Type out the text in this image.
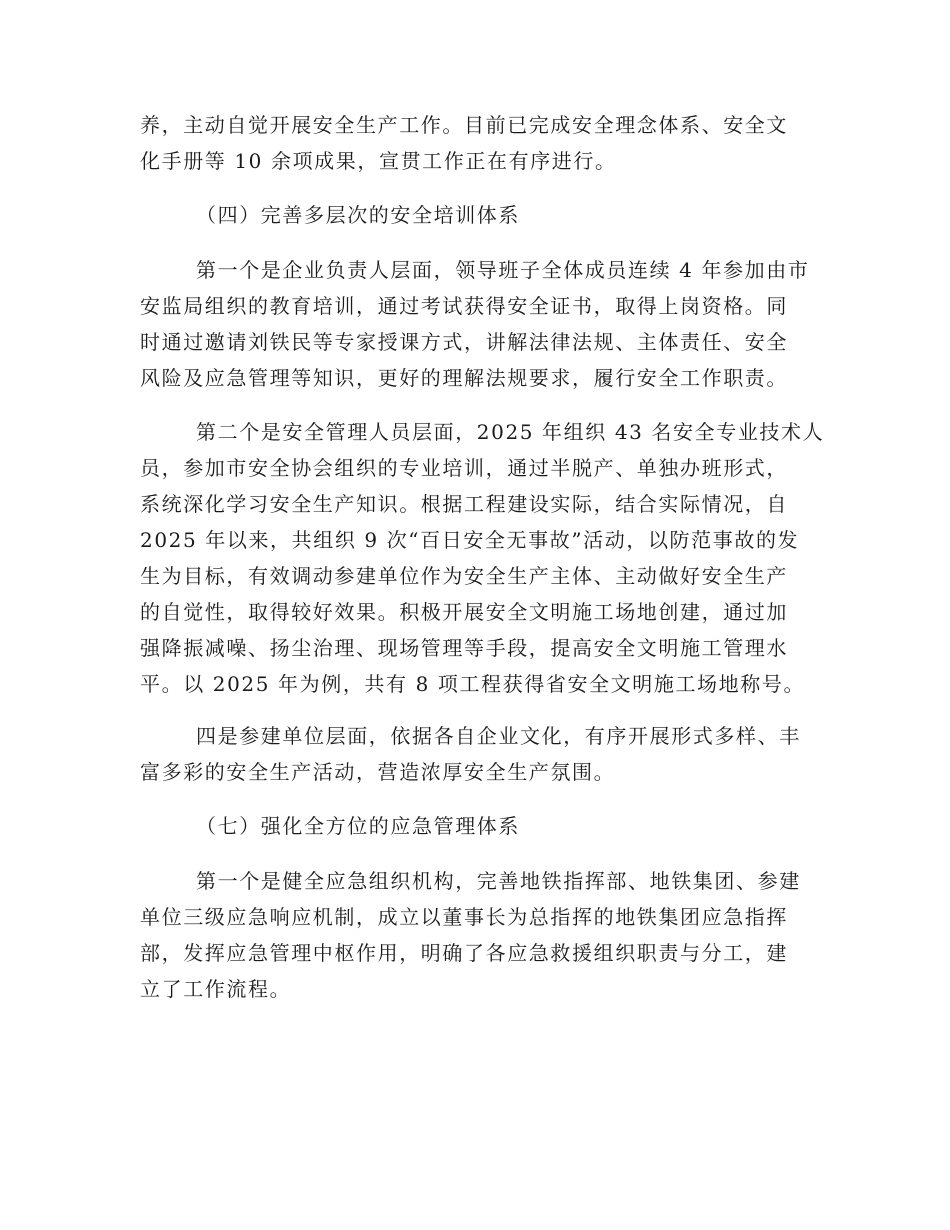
养，主动自觉开展安全生产工作。目前已完成安全理念体系、安全文
化手册等 10 余项成果，宣贯工作正在有序进行。
（四）完善多层次的安全培训体系
第一个是企业负责人层面，领导班子全体成员连续 4 年参加由市
安监局组织的教育培训，通过考试获得安全证书，取得上岗资格。同
时通过邀请刘铁民等专家授课方式，讲解法律法规、主体责任、安全
风险及应急管理等知识，更好的理解法规要求，履行安全工作职责。
第二个是安全管理人员层面，2025 年组织 43 名安全专业技术人
员，参加市安全协会组织的专业培训，通过半脱产、单独办班形式，
系统深化学习安全生产知识。根据工程建设实际，结合实际情况，自
2025 年以来，共组织 9 次“百日安全无事故”活动，以防范事故的发
生为目标，有效调动参建单位作为安全生产主体、主动做好安全生产
的自觉性，取得较好效果。积极开展安全文明施工场地创建，通过加
强降振减噪、扬尘治理、现场管理等手段，提高安全文明施工管理水
平。以 2025 年为例，共有 8 项工程获得省安全文明施工场地称号。
四是参建单位层面，依据各自企业文化，有序开展形式多样、丰
富多彩的安全生产活动，营造浓厚安全生产氛围。
（七）强化全方位的应急管理体系
第一个是健全应急组织机构，完善地铁指挥部、地铁集团、参建
单位三级应急响应机制，成立以董事长为总指挥的地铁集团应急指挥
部，发挥应急管理中枢作用，明确了各应急救援组织职责与分工，建
立了工作流程。
